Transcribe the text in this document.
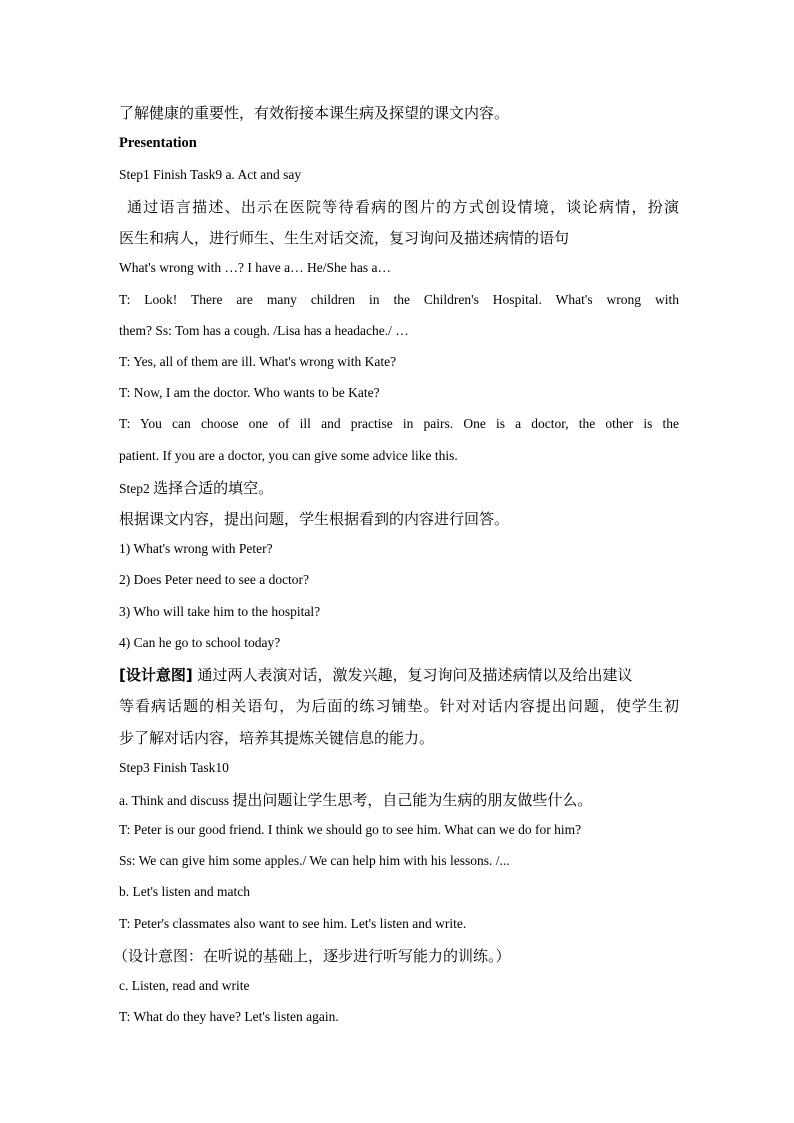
了解健康的重要性，有效衔接本课生病及探望的课文内容。
Presentation
Step1 Finish Task9 a. Act and say
通过语言描述、出示在医院等待看病的图片的方式创设情境，谈论病情，扮演
医生和病人，进行师生、生生对话交流，复习询问及描述病情的语句
What's wrong with …? I have a… He/She has a…
T: Look! There are many children in the Children's Hospital. What's wrong with
them? Ss: Tom has a cough. /Lisa has a headache./ …
T: Yes, all of them are ill. What's wrong with Kate?
T: Now, I am the doctor. Who wants to be Kate?
T: You can choose one of ill and practise in pairs. One is a doctor, the other is the
patient. If you are a doctor, you can give some advice like this.
Step2 选择合适的填空。
根据课文内容，提出问题，学生根据看到的内容进行回答。
1) What's wrong with Peter?
2) Does Peter need to see a doctor?
3) Who will take him to the hospital?
4) Can he go to school today?
[设计意图] 通过两人表演对话，激发兴趣，复习询问及描述病情以及给出建议
等看病话题的相关语句，为后面的练习铺垫。针对对话内容提出问题，使学生初
步了解对话内容，培养其提炼关键信息的能力。
Step3 Finish Task10
a. Think and discuss 提出问题让学生思考，自己能为生病的朋友做些什么。
T: Peter is our good friend. I think we should go to see him. What can we do for him?
Ss: We can give him some apples./ We can help him with his lessons. /...
b. Let's listen and match
T: Peter's classmates also want to see him. Let's listen and write.
（设计意图：在听说的基础上，逐步进行听写能力的训练。）
c. Listen, read and write
T: What do they have? Let's listen again.
